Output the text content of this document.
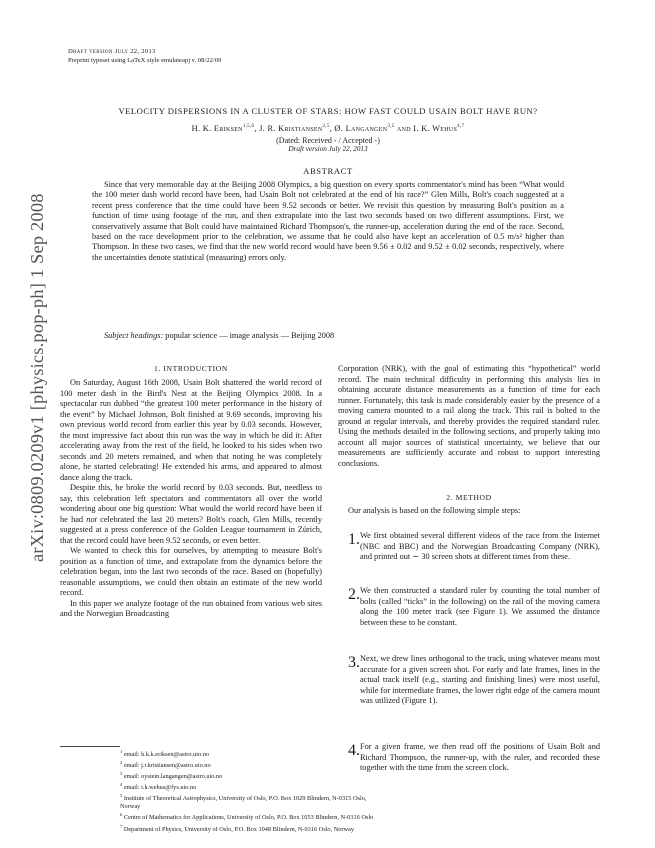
Draft version July 22, 2013
Preprint typeset using LaTeX style emulateapj v. 08/22/09
arXiv:0809.0209v1 [physics.pop-ph] 1 Sep 2008
VELOCITY DISPERSIONS IN A CLUSTER OF STARS: HOW FAST COULD USAIN BOLT HAVE RUN?
H. K. Eriksen$^{1,5,6}$, J. R. Kristiansen$^{2,5}$, Ø. Langangen$^{3,5}$ and I. K. Wehus$^{4,7}$
(Dated: Received - / Accepted -)
Draft version July 22, 2013
ABSTRACT

Since that very memorable day at the Beijing 2008 Olympics, a big question on every sports commentator's mind has been “What would the 100 meter dash world record have been, had Usain Bolt not celebrated at the end of his race?” Glen Mills, Bolt's coach suggested at a recent press conference that the time could have been 9.52 seconds or better. We revisit this question by measuring Bolt's position as a function of time using footage of the run, and then extrapolate into the last two seconds based on two different assumptions. First, we conservatively assume that Bolt could have maintained Richard Thompson's, the runner-up, acceleration during the end of the race. Second, based on the race development prior to the celebration, we assume that he could also have kept an acceleration of 0.5 m/s² higher than Thompson. In these two cases, we find that the new world record would have been 9.56 ± 0.02 and 9.52 ± 0.02 seconds, respectively, where the uncertainties denote statistical (measuring) errors only.

Subject headings: popular science — image analysis — Beijing 2008
1. INTRODUCTION

On Saturday, August 16th 2008, Usain Bolt shattered the world record of 100 meter dash in the Bird's Nest at the Beijing Olympics 2008. In a spectacular run dubbed “the greatest 100 meter performance in the history of the event” by Michael Johnson, Bolt finished at 9.69 seconds, improving his own previous world record from earlier this year by 0.03 seconds. However, the most impressive fact about this run was the way in which he did it: After accelerating away from the rest of the field, he looked to his sides when two seconds and 20 meters remained, and when that noting he was completely alone, he started celebrating! He extended his arms, and appeared to almost dance along the track.

Despite this, he broke the world record by 0.03 seconds. But, needless to say, this celebration left spectators and commentators all over the world wondering about one big question: What would the world record have been if he had not celebrated the last 20 meters? Bolt's coach, Glen Mills, recently suggested at a press conference of the Golden League tournament in Zürich, that the record could have been 9.52 seconds, or even better.

We wanted to check this for ourselves, by attempting to measure Bolt's position as a function of time, and extrapolate from the dynamics before the celebration began, into the last two seconds of the race. Based on (hopefully) reasonable assumptions, we could then obtain an estimate of the new world record.

In this paper we analyze footage of the run obtained from various web sites and the Norwegian Broadcasting

$^1$ email: h.k.k.eriksen@astro.uio.no

$^2$ email: j.r.kristiansen@astro.uio.no

$^3$ email: oystein.langangen@astro.uio.no

$^4$ email: i.k.wehus@fys.uio.no

$^5$ Institute of Theoretical Astrophysics, University of Oslo, P.O. Box 1029 Blindern, N-0315 Oslo, Norway

$^6$ Centre of Mathematics for Applications, University of Oslo, P.O. Box 1053 Blindern, N-0316 Oslo

$^7$ Department of Physics, University of Oslo, P.O. Box 1048 Blindern, N-0316 Oslo, Norway

Corporation (NRK), with the goal of estimating this “hypothetical” world record. The main technical difficulty in performing this analysis lies in obtaining accurate distance measurements as a function of time for each runner. Fortunately, this task is made considerably easier by the presence of a moving camera mounted to a rail along the track. This rail is bolted to the ground at regular intervals, and thereby provides the required standard ruler. Using the methods detailed in the following sections, and properly taking into account all major sources of statistical uncertainty, we believe that our measurements are sufficiently accurate and robust to support interesting conclusions.

2. METHOD

Our analysis is based on the following simple steps:

1. We first obtained several different videos of the race from the Internet (NBC and BBC) and the Norwegian Broadcasting Company (NRK), and printed out ∼ 30 screen shots at different times from these.

2. We then constructed a standard ruler by counting the total number of bolts (called “ticks” in the following) on the rail of the moving camera along the 100 meter track (see Figure 1). We assumed the distance between these to be constant.

3. Next, we drew lines orthogonal to the track, using whatever means most accurate for a given screen shot. For early and late frames, lines in the actual track itself (e.g., starting and finishing lines) were most useful, while for intermediate frames, the lower right edge of the camera mount was utilized (Figure 1).

4. For a given frame, we then read off the positions of Usain Bolt and Richard Thompson, the runner-up, with the ruler, and recorded these together with the time from the screen clock.
